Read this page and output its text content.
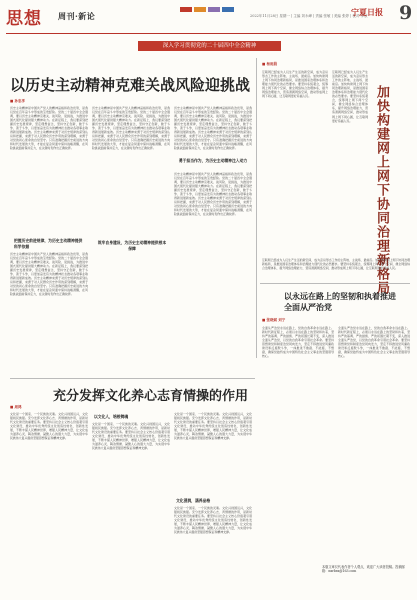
思想 周刊·新论	2022年11月28日 星期一 | 主编 刘永峰 | 责编 张敏 | 美编 张婷 | 校对 李欣
宁夏日报 9
深入学习贯彻党的二十届四中全会精神
以历史主动精神克难关战风险迎挑战
■ 孙忠孝
历史主动精神是中国共产党人的精神品格和政治优势，是我们党在百年奋斗中形成的宝贵经验。党的二十届四中全会强调，要以历史主动精神克难关、战风险、迎挑战，为推进中国式现代化提供强大精神动力。在新征程上，我们要深刻把握历史发展规律，坚定理想信念，坚持守正创新，敢于斗争、善于斗争，以更加奋发有为的精神状态推动各项事业取得新进展新成效。历史主动精神来源于对历史规律的深刻认识和把握，来源于对人民群众历史作用的深刻理解，来源于对党的初心使命的自觉坚守。只有准确把握历史前进的方向和时代发展的大势，才能在复杂局面中保持战略清醒，在风险挑战面前保持定力，在关键时刻作出正确抉择。
把握历史前进规律，为历史主动精神提供科学依据
历史主动精神是中国共产党人的精神品格和政治优势，是我们党在百年奋斗中形成的宝贵经验。党的二十届四中全会强调，要以历史主动精神克难关、战风险、迎挑战，为推进中国式现代化提供强大精神动力。在新征程上，我们要深刻把握历史发展规律，坚定理想信念，坚持守正创新，敢于斗争、善于斗争，以更加奋发有为的精神状态推动各项事业取得新进展新成效。历史主动精神来源于对历史规律的深刻认识和把握，来源于对人民群众历史作用的深刻理解，来源于对党的初心使命的自觉坚守。只有准确把握历史前进的方向和时代发展的大势，才能在复杂局面中保持战略清醒，在风险挑战面前保持定力，在关键时刻作出正确抉择。
历史主动精神是中国共产党人的精神品格和政治优势，是我们党在百年奋斗中形成的宝贵经验。党的二十届四中全会强调，要以历史主动精神克难关、战风险、迎挑战，为推进中国式现代化提供强大精神动力。在新征程上，我们要深刻把握历史发展规律，坚定理想信念，坚持守正创新，敢于斗争、善于斗争，以更加奋发有为的精神状态推动各项事业取得新进展新成效。历史主动精神来源于对历史规律的深刻认识和把握，来源于对人民群众历史作用的深刻理解，来源于对党的初心使命的自觉坚守。只有准确把握历史前进的方向和时代发展的大势，才能在复杂局面中保持战略清醒，在风险挑战面前保持定力，在关键时刻作出正确抉择。
历史主动精神是中国共产党人的精神品格和政治优势，是我们党在百年奋斗中形成的宝贵经验。党的二十届四中全会强调，要以历史主动精神克难关、战风险、迎挑战，为推进中国式现代化提供强大精神动力。在新征程上，我们要深刻把握历史发展规律，坚定理想信念，坚持守正创新，敢于斗争、善于斗争，以更加奋发有为的精神状态推动各项事业取得新进展新成效。历史主动精神来源于对历史规律的深刻认识和把握，来源于对人民群众历史作用的深刻理解，来源于对党的初心使命的自觉坚守。只有准确把握历史前进的方向和时代发展的大势，才能在复杂局面中保持战略清醒，在风险挑战面前保持定力，在关键时刻作出正确抉择。
勇于担当作为，为历史主动精神注入动力
历史主动精神是中国共产党人的精神品格和政治优势，是我们党在百年奋斗中形成的宝贵经验。党的二十届四中全会强调，要以历史主动精神克难关、战风险、迎挑战，为推进中国式现代化提供强大精神动力。在新征程上，我们要深刻把握历史发展规律，坚定理想信念，坚持守正创新，敢于斗争、善于斗争，以更加奋发有为的精神状态推动各项事业取得新进展新成效。历史主动精神来源于对历史规律的深刻认识和把握，来源于对人民群众历史作用的深刻理解，来源于对党的初心使命的自觉坚守。只有准确把握历史前进的方向和时代发展的大势，才能在复杂局面中保持战略清醒，在风险挑战面前保持定力，在关键时刻作出正确抉择。
筑牢自身建设，为历史主动精神提供根本保障
■ 杨雨晨
互联网已经成为人们生产生活的新空间，成为意识形态工作的主阵地、主战场、最前沿。加快构建网上网下协同治理新格局，是推进国家治理体系和治理能力现代化的必然要求。要坚持系统观念，统筹网上网下两个空间，健全网络综合治理体系，提升网络治理能力，营造清朗网络空间，推动形成网上网下同心圆，让互联网更好造福人民。
互联网已经成为人们生产生活的新空间，成为意识形态工作的主阵地、主战场、最前沿。加快构建网上网下协同治理新格局，是推进国家治理体系和治理能力现代化的必然要求。要坚持系统观念，统筹网上网下两个空间，健全网络综合治理体系，提升网络治理能力，营造清朗网络空间，推动形成网上网下同心圆，让互联网更好造福人民。	加快构建网上网下协同治理新格局
互联网已经成为人们生产生活的新空间，成为意识形态工作的主阵地、主战场、最前沿。加快构建网上网下协同治理新格局，是推进国家治理体系和治理能力现代化的必然要求。要坚持系统观念，统筹网上网下两个空间，健全网络综合治理体系，提升网络治理能力，营造清朗网络空间，推动形成网上网下同心圆，让互联网更好造福人民。
以永远在路上的坚韧和执着推进全面从严治党
■ 张晓斌 刘宁
全面从严治党永远在路上，党的自我革命永远在路上。新时代新征程上，必须以永远在路上的坚韧和执着，坚持严的基调、严的措施、严的氛围长期不变，深入推进全面从严治党，以党的自我革命引领社会革命。要坚持思想建党和制度治党同向发力，坚定不移推进党风廉政建设和反腐败斗争，一体推进不敢腐、不能腐、不想腐，确保党始终成为中国特色社会主义事业的坚强领导核心。
全面从严治党永远在路上，党的自我革命永远在路上。新时代新征程上，必须以永远在路上的坚韧和执着，坚持严的基调、严的措施、严的氛围长期不变，深入推进全面从严治党，以党的自我革命引领社会革命。要坚持思想建党和制度治党同向发力，坚定不移推进党风廉政建设和反腐败斗争，一体推进不敢腐、不能腐、不想腐，确保党始终成为中国特色社会主义事业的坚强领导核心。
充分发挥文化养心志育情操的作用
■ 周鸿
文化是一个国家、一个民族的灵魂。文化兴则国运兴，文化强则民族强。充分发挥文化养心志、育情操的作用，是新时代文化建设的重要任务。要坚持以社会主义核心价值观引领文化建设，推动中华优秀传统文化创造性转化、创新性发展，不断丰富人民精神世界，增强人民精神力量，让文化成为滋养心灵、陶冶情操、凝聚人心的强大力量，为实现中华民族伟大复兴提供坚强思想保证和精神支撑。
以文化人，培根铸魂
文化是一个国家、一个民族的灵魂。文化兴则国运兴，文化强则民族强。充分发挥文化养心志、育情操的作用，是新时代文化建设的重要任务。要坚持以社会主义核心价值观引领文化建设，推动中华优秀传统文化创造性转化、创新性发展，不断丰富人民精神世界，增强人民精神力量，让文化成为滋养心灵、陶冶情操、凝聚人心的强大力量，为实现中华民族伟大复兴提供坚强思想保证和精神支撑。
文化浸润，涵养品格
文化是一个国家、一个民族的灵魂。文化兴则国运兴，文化强则民族强。充分发挥文化养心志、育情操的作用，是新时代文化建设的重要任务。要坚持以社会主义核心价值观引领文化建设，推动中华优秀传统文化创造性转化、创新性发展，不断丰富人民精神世界，增强人民精神力量，让文化成为滋养心灵、陶冶情操、凝聚人心的强大力量，为实现中华民族伟大复兴提供坚强思想保证和精神支撑。
文化是一个国家、一个民族的灵魂。文化兴则国运兴，文化强则民族强。充分发挥文化养心志、育情操的作用，是新时代文化建设的重要任务。要坚持以社会主义核心价值观引领文化建设，推动中华优秀传统文化创造性转化、创新性发展，不断丰富人民精神世界，增强人民精神力量，让文化成为滋养心灵、陶冶情操、凝聚人心的强大力量，为实现中华民族伟大复兴提供坚强思想保证和精神支撑。
本版文章仅代表作者个人观点，欢迎广大读者投稿。投稿邮箱：nxrbsx@163.com
